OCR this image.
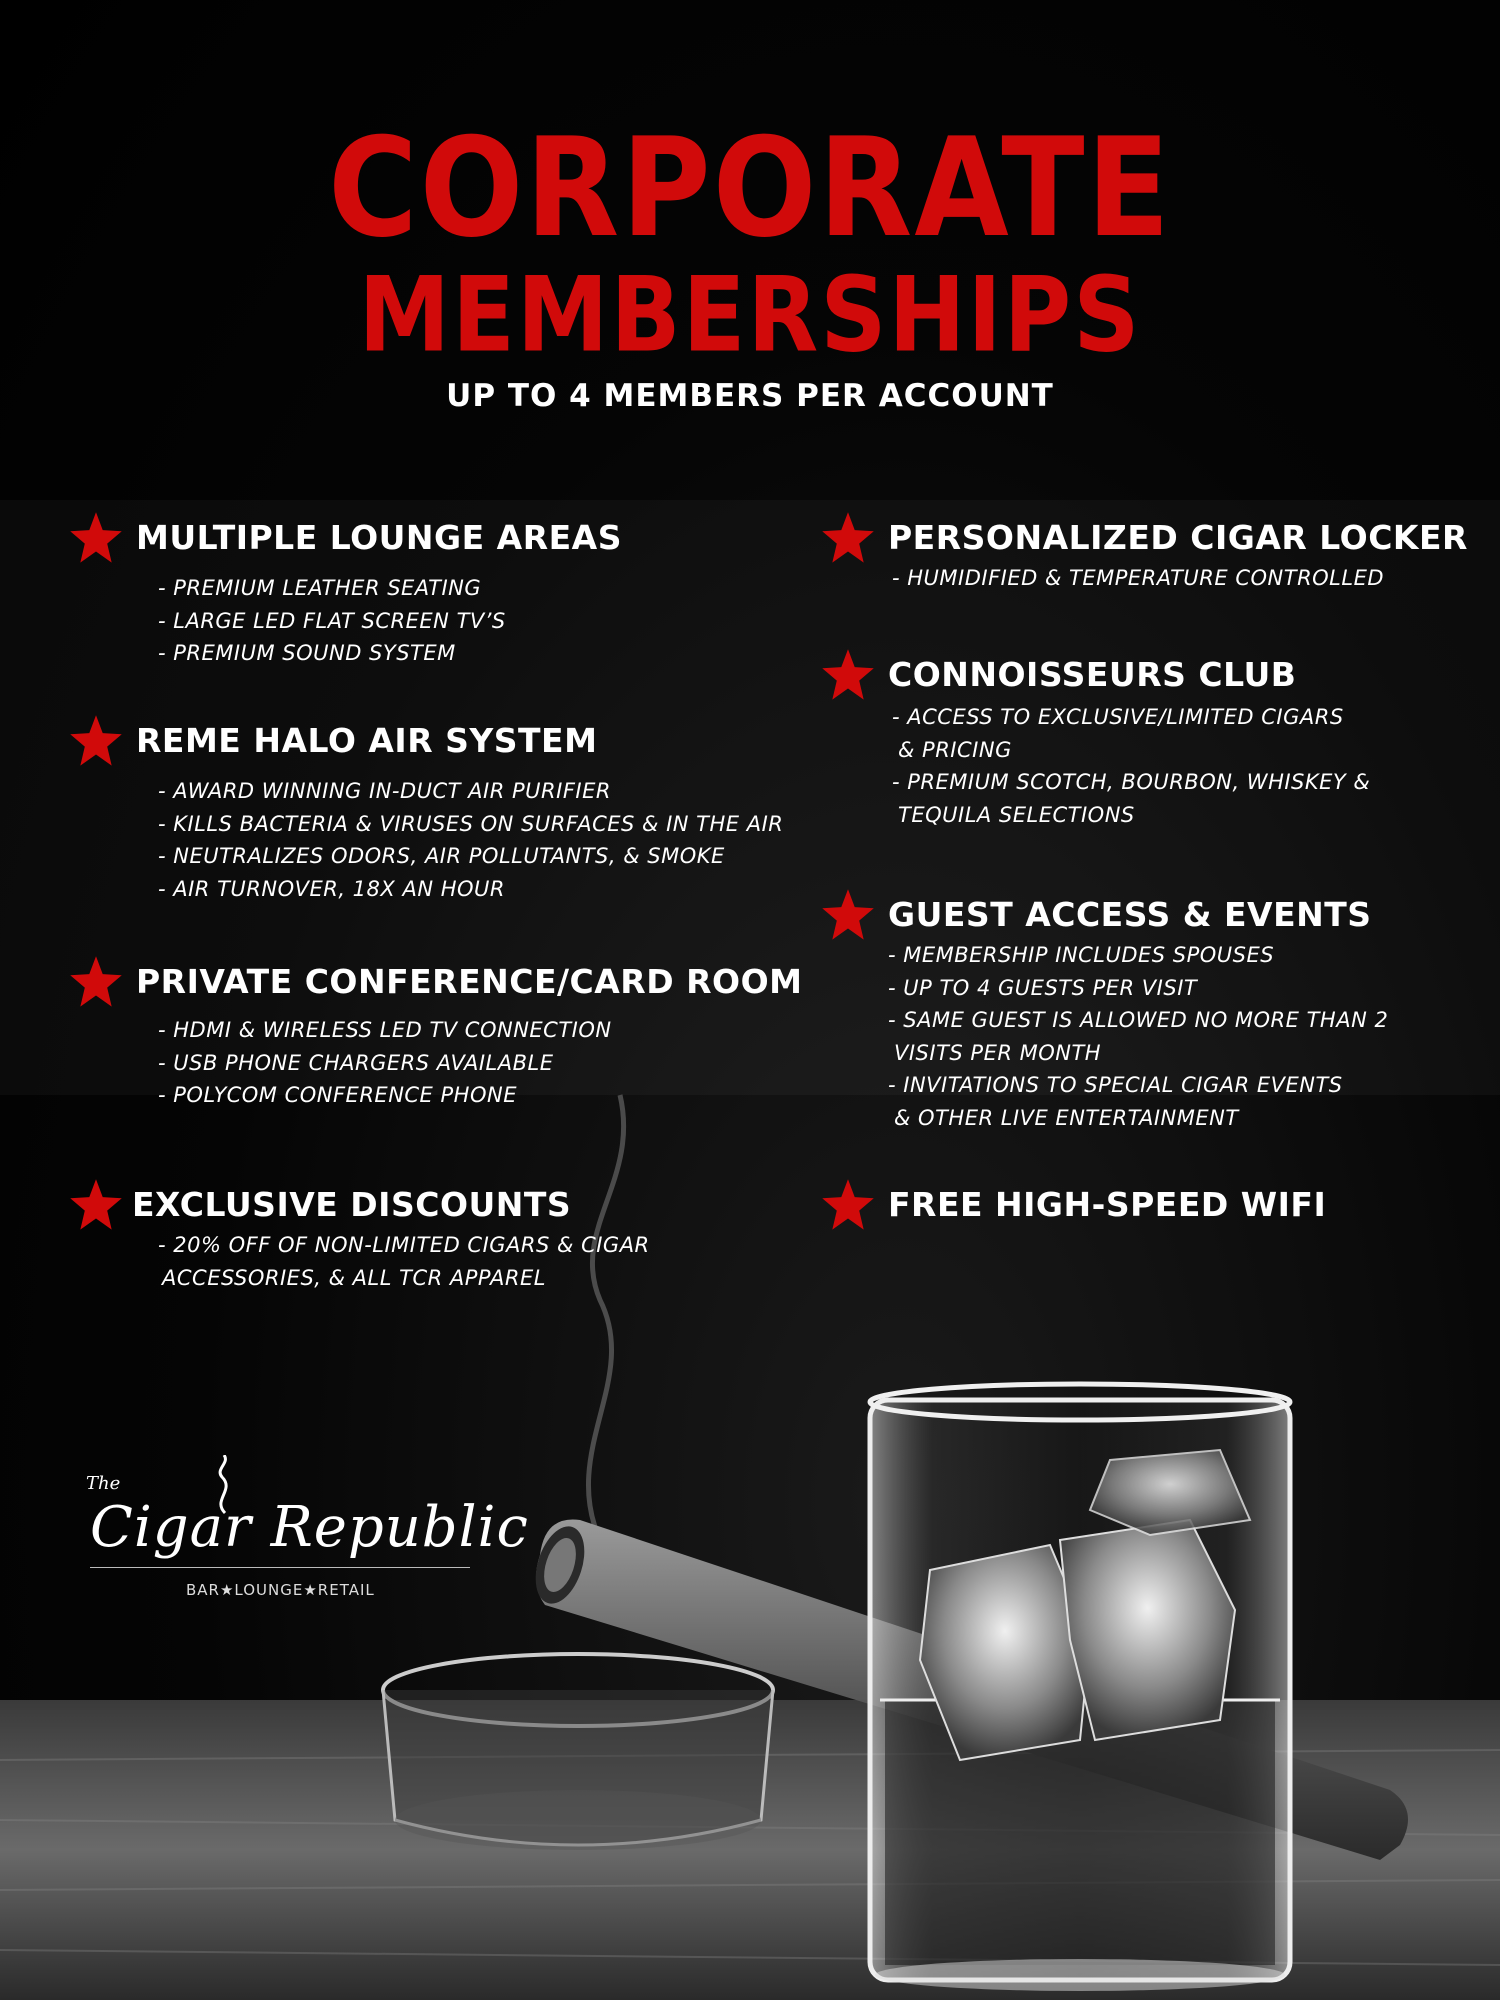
CORPORATE
MEMBERSHIPS

UP TO 4 MEMBERS PER ACCOUNT

MULTIPLE LOUNGE AREAS
- PREMIUM LEATHER SEATING
- LARGE LED FLAT SCREEN TV’S
- PREMIUM SOUND SYSTEM
REME HALO AIR SYSTEM
- AWARD WINNING IN-DUCT AIR PURIFIER
- KILLS BACTERIA & VIRUSES ON SURFACES & IN THE AIR
- NEUTRALIZES ODORS, AIR POLLUTANTS, & SMOKE
- AIR TURNOVER, 18X AN HOUR
PRIVATE CONFERENCE/CARD ROOM
- HDMI & WIRELESS LED TV CONNECTION
- USB PHONE CHARGERS AVAILABLE
- POLYCOM CONFERENCE PHONE
EXCLUSIVE DISCOUNTS
- 20% OFF OF NON-LIMITED CIGARS & CIGAR
ACCESSORIES, & ALL TCR APPAREL
PERSONALIZED CIGAR LOCKER
- HUMIDIFIED & TEMPERATURE CONTROLLED
CONNOISSEURS CLUB
- ACCESS TO EXCLUSIVE/LIMITED CIGARS
& PRICING
- PREMIUM SCOTCH, BOURBON, WHISKEY &
TEQUILA SELECTIONS
GUEST ACCESS & EVENTS
- MEMBERSHIP INCLUDES SPOUSES
- UP TO 4 GUESTS PER VISIT
- SAME GUEST IS ALLOWED NO MORE THAN 2
VISITS PER MONTH
- INVITATIONS TO SPECIAL CIGAR EVENTS
& OTHER LIVE ENTERTAINMENT
FREE HIGH-SPEED WIFI
The
Cigar Republic
BAR★LOUNGE★RETAIL
